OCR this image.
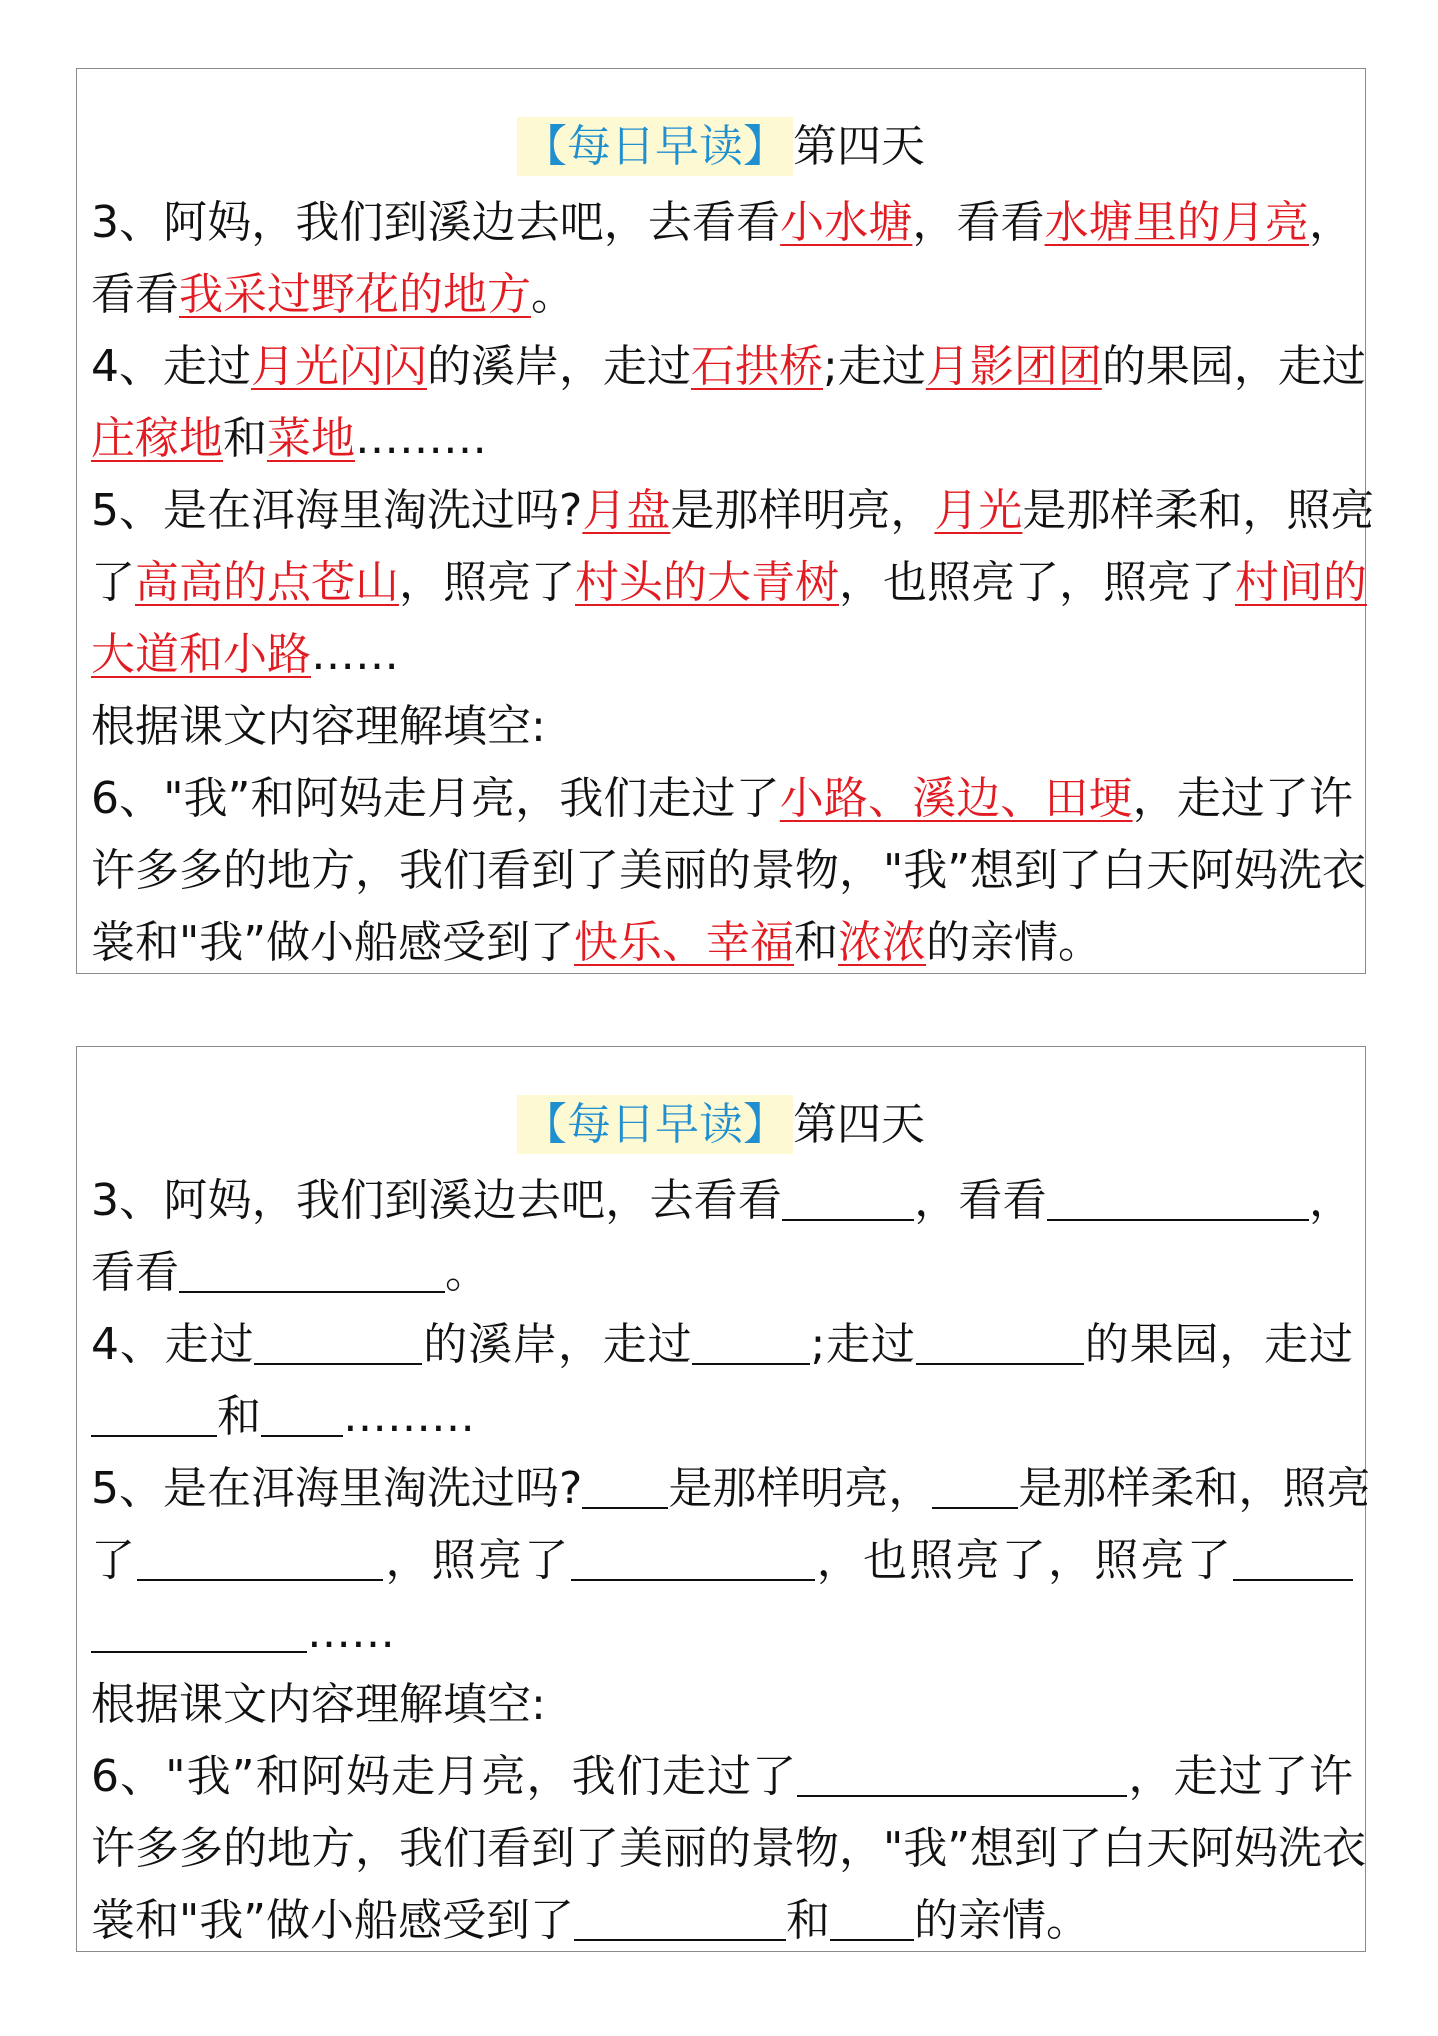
【每日早读】 第四天
3、阿妈，我们到溪边去吧，去看看小水塘，看看水塘里的月亮，
看看我采过野花的地方。
4、走过月光闪闪的溪岸，走过石拱桥;走过月影团团的果园，走过
庄稼地和菜地………
5、是在洱海里淘洗过吗?月盘是那样明亮，月光是那样柔和，照亮
了高高的点苍山，照亮了村头的大青树，也照亮了，照亮了村间的
大道和小路……
根据课文内容理解填空:
6、"我”和阿妈走月亮，我们走过了小路、溪边、田埂，走过了许
许多多的地方，我们看到了美丽的景物，"我”想到了白天阿妈洗衣
裳和"我”做小船感受到了快乐、幸福和浓浓的亲情。
【每日早读】 第四天
3、阿妈，我们到溪边去吧，去看看	，看看	，
看看	。
4、走过	的溪岸，走过	;走过	的果园，走过
和 ………
5、是在洱海里淘洗过吗? 是那样明亮， 是那样柔和，照亮
了	，照亮了	，也照亮了，照亮了
……
根据课文内容理解填空:
6、"我”和阿妈走月亮，我们走过了	，走过了许
许多多的地方，我们看到了美丽的景物，"我”想到了白天阿妈洗衣
裳和"我”做小船感受到了	和 的亲情。
